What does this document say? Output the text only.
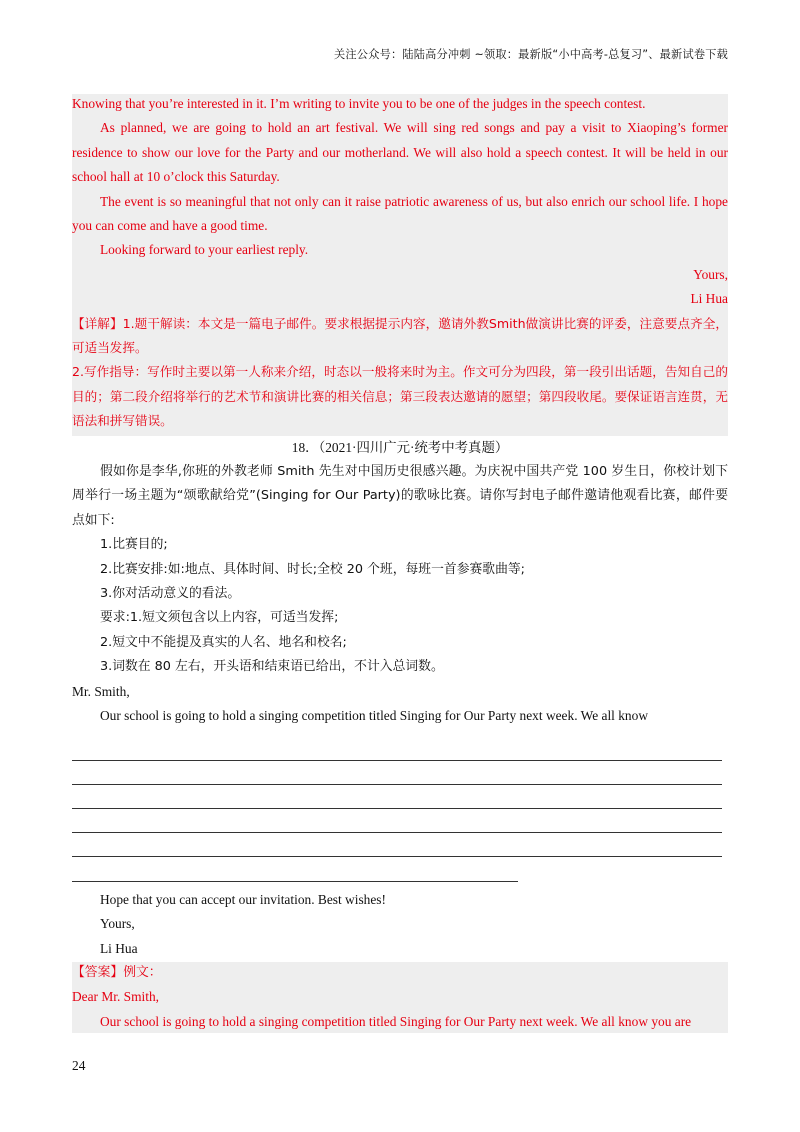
关注公众号：陆陆高分冲刺 ~领取：最新版“小中高考-总复习”、最新试卷下载

Knowing that you’re interested in it. I’m writing to invite you to be one of the judges in the speech contest.

As planned, we are going to hold an art festival. We will sing red songs and pay a visit to Xiaoping’s former residence to show our love for the Party and our motherland. We will also hold a speech contest. It will be held in our school hall at 10 o’clock this Saturday.

The event is so meaningful that not only can it raise patriotic awareness of us, but also enrich our school life. I hope you can come and have a good time.

Looking forward to your earliest reply.

Yours,

Li Hua

【详解】1.题干解读：本文是一篇电子邮件。要求根据提示内容，邀请外教Smith做演讲比赛的评委，注意要点齐全，可适当发挥。

2.写作指导：写作时主要以第一人称来介绍，时态以一般将来时为主。作文可分为四段，第一段引出话题，告知自己的目的；第二段介绍将举行的艺术节和演讲比赛的相关信息；第三段表达邀请的愿望；第四段收尾。要保证语言连贯，无语法和拼写错误。

18．（2021·四川广元·统考中考真题）

假如你是李华,你班的外教老师 Smith 先生对中国历史很感兴趣。为庆祝中国共产党 100 岁生日，你校计划下周举行一场主题为“颂歌献给党”(Singing for Our Party)的歌咏比赛。请你写封电子邮件邀请他观看比赛，邮件要点如下:

1.比赛目的;

2.比赛安排:如:地点、具体时间、时长;全校 20 个班，每班一首参赛歌曲等;

3.你对活动意义的看法。

要求:1.短文须包含以上内容，可适当发挥;

2.短文中不能提及真实的人名、地名和校名;

3.词数在 80 左右，开头语和结束语已给出，不计入总词数。

Mr. Smith,

Our school is going to hold a singing competition titled Singing for Our Party next week. We all know

Hope that you can accept our invitation. Best wishes!

Yours,

Li Hua

【答案】例文：

Dear Mr. Smith,

Our school is going to hold a singing competition titled Singing for Our Party next week. We all know you are

24
